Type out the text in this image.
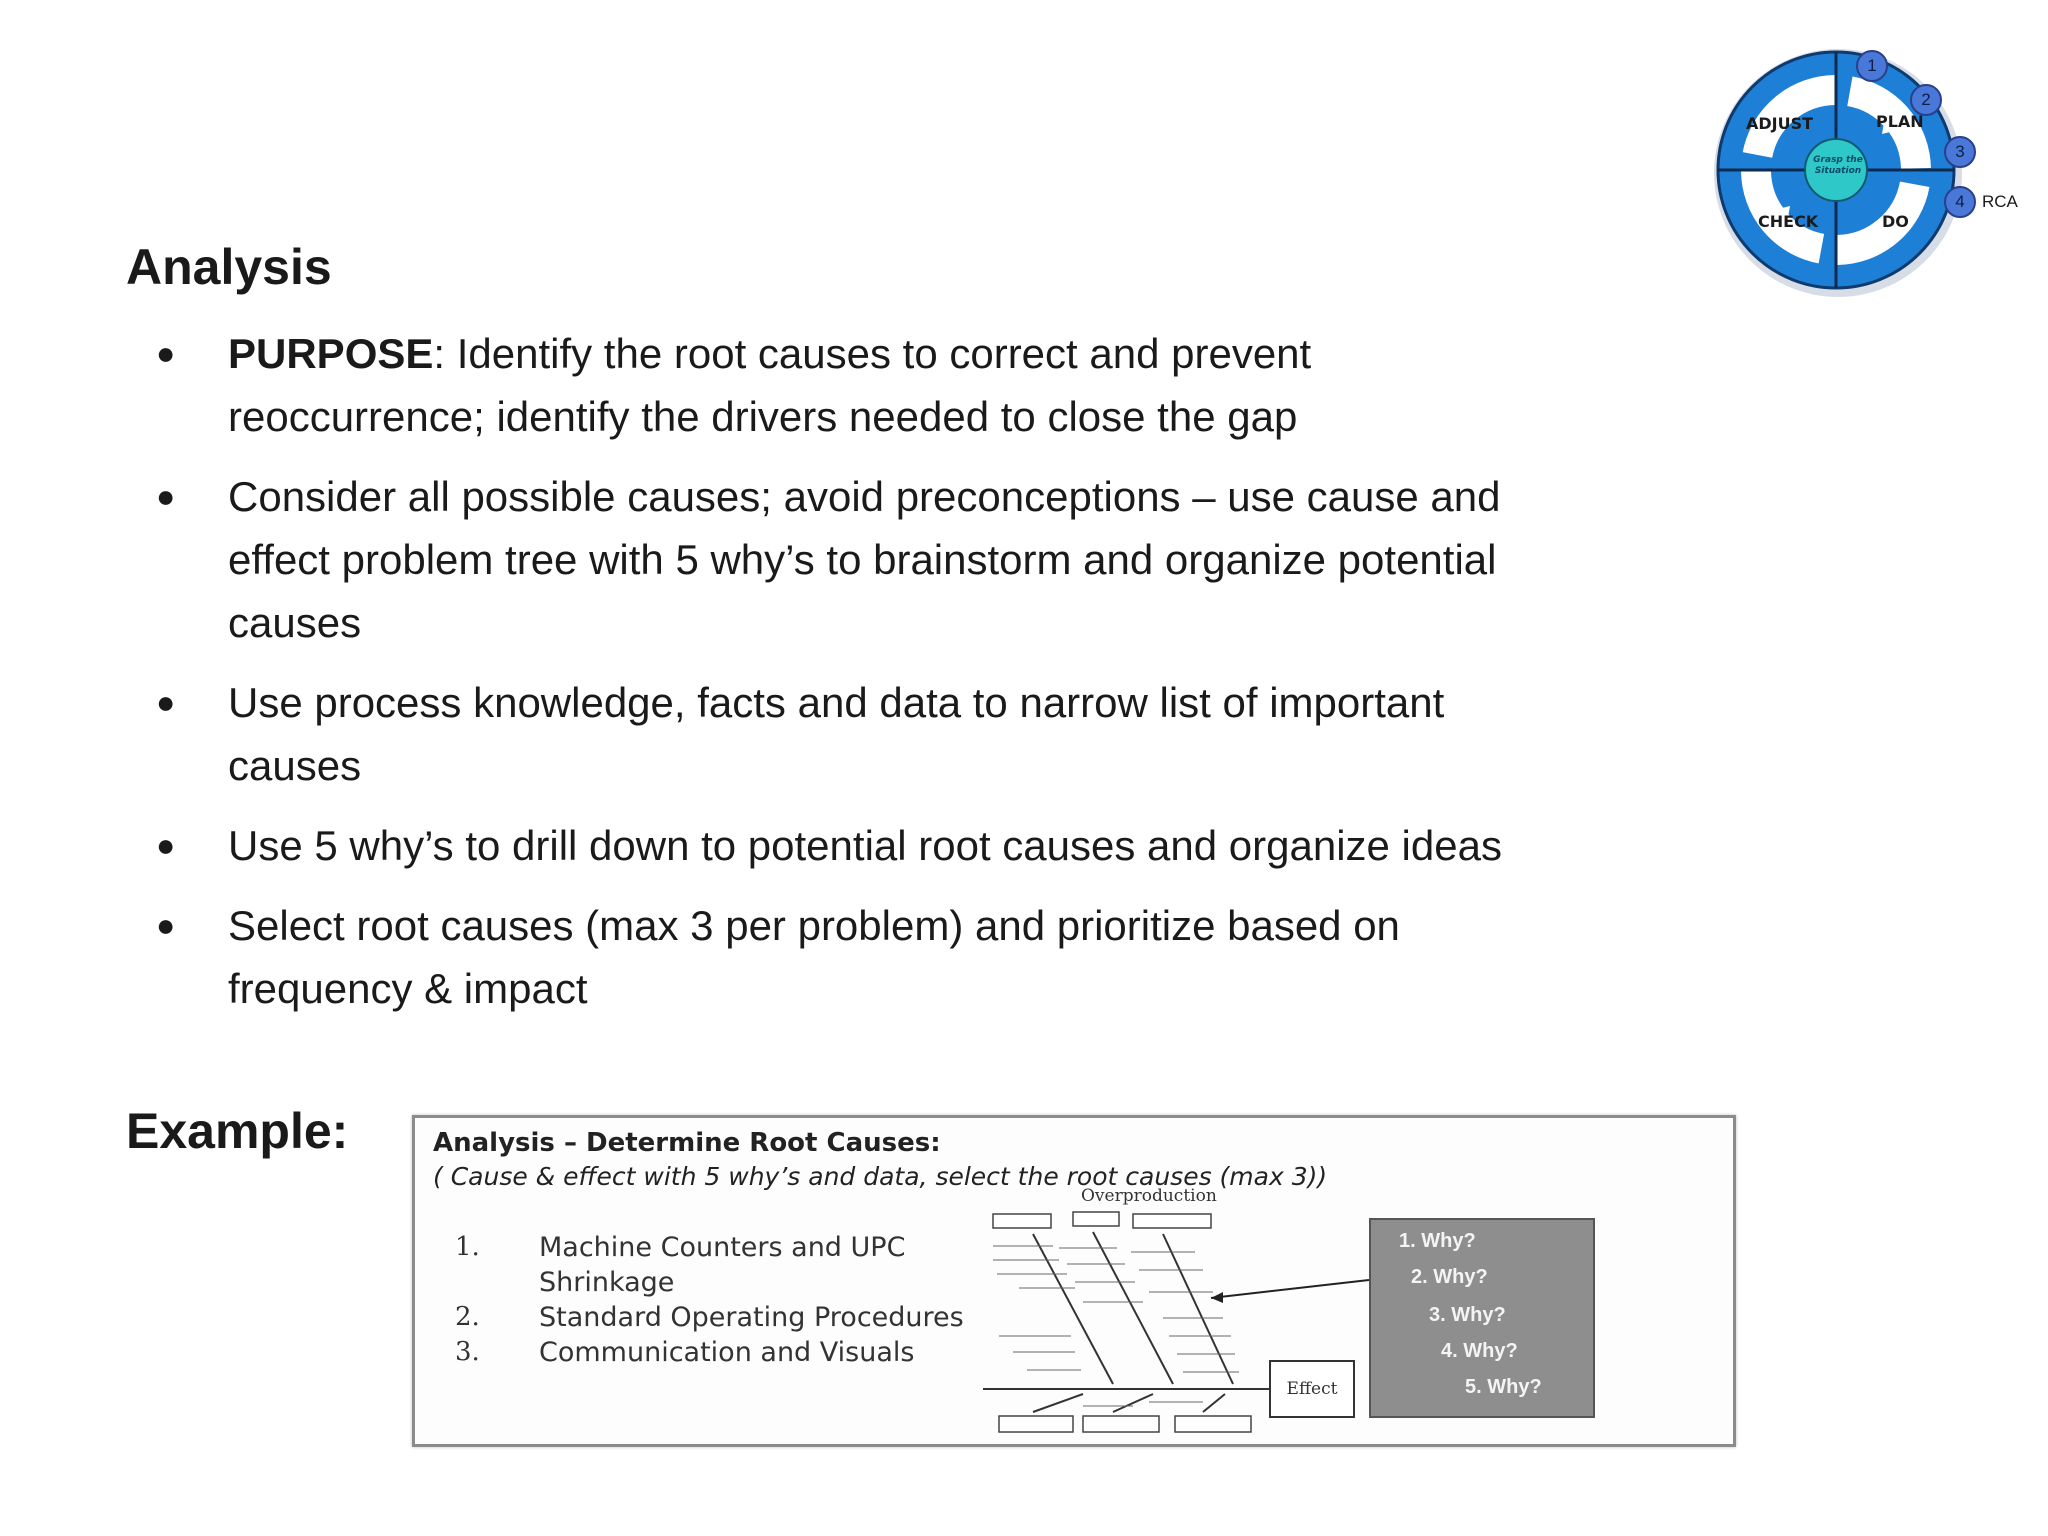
ADJUST	PLAN
CHECK	DO
Grasp the Situation
1
2
3
4	RCA
Analysis
● PURPOSE: Identify the root causes to correct and prevent reoccurrence; identify the drivers needed to close the gap
● Consider all possible causes; avoid preconceptions – use cause and effect problem tree with 5 why’s to brainstorm and organize potential causes
● Use process knowledge, facts and data to narrow list of important causes
● Use 5 why’s to drill down to potential root causes and organize ideas
● Select root causes (max 3 per problem) and prioritize based on frequency & impact
Example:	Analysis – Determine Root Causes:
( Cause & effect with 5 why’s and data, select the root causes (max 3))
1. Machine Counters and UPC Shrinkage
2. Standard Operating Procedures
3. Communication and Visuals
Overproduction
Effect
1. Why?
2. Why?
3. Why?
4. Why?
5. Why?
